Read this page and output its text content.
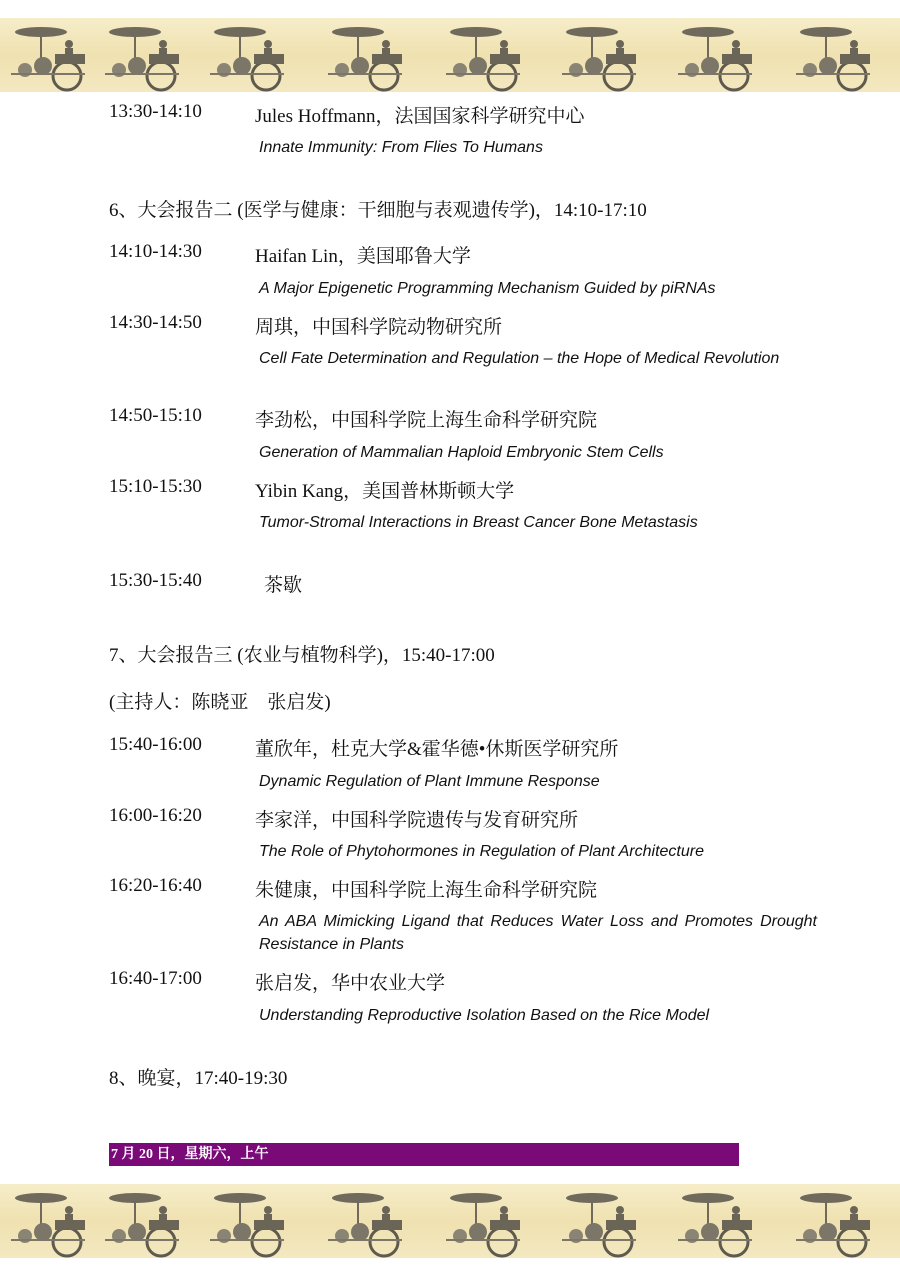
13:30-14:10	Jules Hoffmann，法国国家科学研究中心
Innate Immunity: From Flies To Humans
6、大会报告二 (医学与健康：干细胞与表观遗传学)，14:10-17:10
14:10-14:30	Haifan Lin，美国耶鲁大学
A Major Epigenetic Programming Mechanism Guided by piRNAs
14:30-14:50	周琪，中国科学院动物研究所
Cell Fate Determination and Regulation – the Hope of Medical Revolution
14:50-15:10	李劲松，中国科学院上海生命科学研究院
Generation of Mammalian Haploid Embryonic Stem Cells
15:10-15:30	Yibin Kang，美国普林斯顿大学
Tumor-Stromal Interactions in Breast Cancer Bone Metastasis
15:30-15:40	茶歇
7、大会报告三 (农业与植物科学)，15:40-17:00
(主持人：陈晓亚　张启发)
15:40-16:00	董欣年，杜克大学&霍华德•休斯医学研究所
Dynamic Regulation of Plant Immune Response
16:00-16:20	李家洋，中国科学院遗传与发育研究所
The Role of Phytohormones in Regulation of Plant Architecture
16:20-16:40	朱健康，中国科学院上海生命科学研究院
An ABA Mimicking Ligand that Reduces Water Loss and Promotes Drought Resistance in Plants
16:40-17:00	张启发，华中农业大学
Understanding Reproductive Isolation Based on the Rice Model
8、晚宴，17:40-19:30
7 月 20 日，星期六，上午
